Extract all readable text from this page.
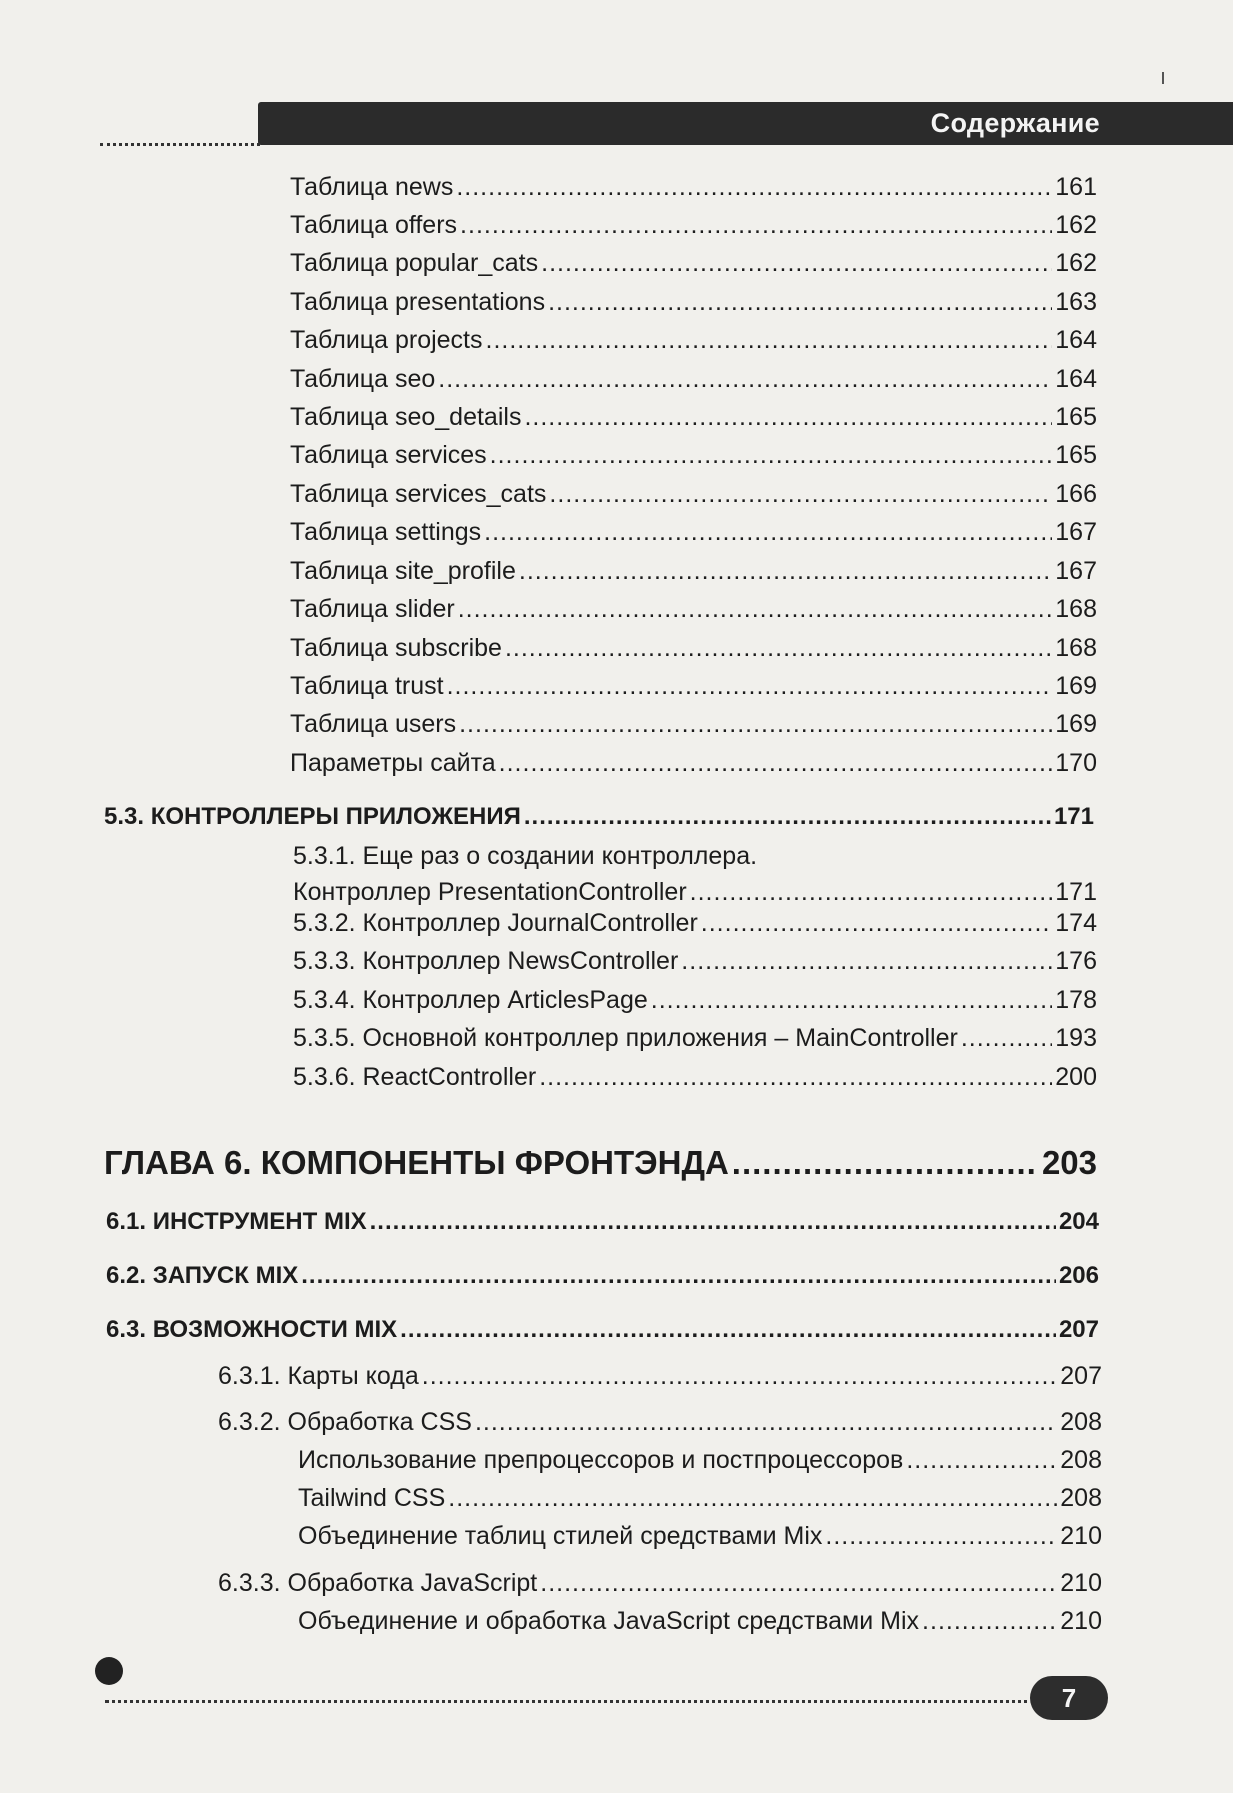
Содержание
Таблица news .....	161
Таблица offers .....	162
Таблица popular_cats .....	162
Таблица presentations .....	163
Таблица projects .....	164
Таблица seo .....	164
Таблица seo_details .....	165
Таблица services .....	165
Таблица services_cats .....	166
Таблица settings .....	167
Таблица site_profile .....	167
Таблица slider .....	168
Таблица subscribe .....	168
Таблица trust .....	169
Таблица users .....	169
Параметры сайта .....	170
5.3. КОНТРОЛЛЕРЫ ПРИЛОЖЕНИЯ .....	171
5.3.1. Еще раз о создании контроллера.
Контроллер PresentationController .....	171
5.3.2. Контроллер JournalController .....	174
5.3.3. Контроллер NewsController .....	176
5.3.4. Контроллер ArticlesPage .....	178
5.3.5. Основной контроллер приложения – MainController .....	193
5.3.6. ReactController .....	200
ГЛАВА 6. КОМПОНЕНТЫ ФРОНТЭНДА .....	203
6.1. ИНСТРУМЕНТ MIX .....	204
6.2. ЗАПУСК MIX .....	206
6.3. ВОЗМОЖНОСТИ MIX .....	207
6.3.1. Карты кода .....	207
6.3.2. Обработка CSS .....	208
Использование препроцессоров и постпроцессоров .....	208
Tailwind CSS .....	208
Объединение таблиц стилей средствами Mix .....	210
6.3.3. Обработка JavaScript .....	210
Объединение и обработка JavaScript средствами Mix .....	210
7
